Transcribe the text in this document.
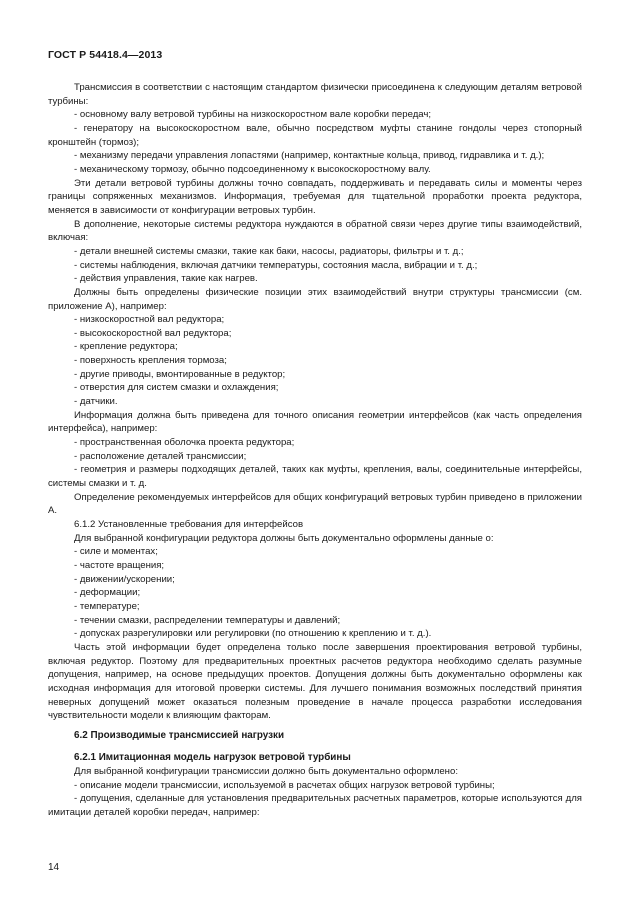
ГОСТ Р 54418.4—2013

Трансмиссия в соответствии с настоящим стандартом физически присоединена к следующим деталям ветровой турбины:

- основному валу ветровой турбины на низкоскоростном вале коробки передач;

- генератору на высокоскоростном вале, обычно посредством муфты станине гондолы через стопорный кронштейн (тормоз);

- механизму передачи управления лопастями (например, контактные кольца, привод, гидравлика и т. д.);

- механическому тормозу, обычно подсоединенному к высокоскоростному валу.

Эти детали ветровой турбины должны точно совпадать, поддерживать и передавать силы и моменты через границы сопряженных механизмов. Информация, требуемая для тщательной проработки проекта редуктора, меняется в зависимости от конфигурации ветровых турбин.

В дополнение, некоторые системы редуктора нуждаются в обратной связи через другие типы взаимодействий, включая:

- детали внешней системы смазки, такие как баки, насосы, радиаторы, фильтры и т. д.;

- системы наблюдения, включая датчики температуры, состояния масла, вибрации и т. д.;

- действия управления, такие как нагрев.

Должны быть определены физические позиции этих взаимодействий внутри структуры трансмиссии (см. приложение А), например:

- низкоскоростной вал редуктора;

- высокоскоростной вал редуктора;

- крепление редуктора;

- поверхность крепления тормоза;

- другие приводы, вмонтированные в редуктор;

- отверстия для систем смазки и охлаждения;

- датчики.

Информация должна быть приведена для точного описания геометрии интерфейсов (как часть определения интерфейса), например:

- пространственная оболочка проекта редуктора;

- расположение деталей трансмиссии;

- геометрия и размеры подходящих деталей, таких как муфты, крепления, валы, соединительные интерфейсы, системы смазки и т. д.

Определение рекомендуемых интерфейсов для общих конфигураций ветровых турбин приведено в приложении А.

6.1.2 Установленные требования для интерфейсов

Для выбранной конфигурации редуктора должны быть документально оформлены данные о:

- силе и моментах;

- частоте вращения;

- движении/ускорении;

- деформации;

- температуре;

- течении смазки, распределении температуры и давлений;

- допусках разрегулировки или регулировки (по отношению к креплению и т. д.).

Часть этой информации будет определена только после завершения проектирования ветровой турбины, включая редуктор. Поэтому для предварительных проектных расчетов редуктора необходимо сделать разумные допущения, например, на основе предыдущих проектов. Допущения должны быть документально оформлены как исходная информация для итоговой проверки системы. Для лучшего понимания возможных последствий принятия неверных допущений может оказаться полезным проведение в начале процесса разработки исследования чувствительности модели к влияющим факторам.

6.2 Производимые трансмиссией нагрузки
6.2.1 Имитационная модель нагрузок ветровой турбины

Для выбранной конфигурации трансмиссии должно быть документально оформлено:

- описание модели трансмиссии, используемой в расчетах общих нагрузок ветровой турбины;

- допущения, сделанные для установления предварительных расчетных параметров, которые используются для имитации деталей коробки передач, например:

14
